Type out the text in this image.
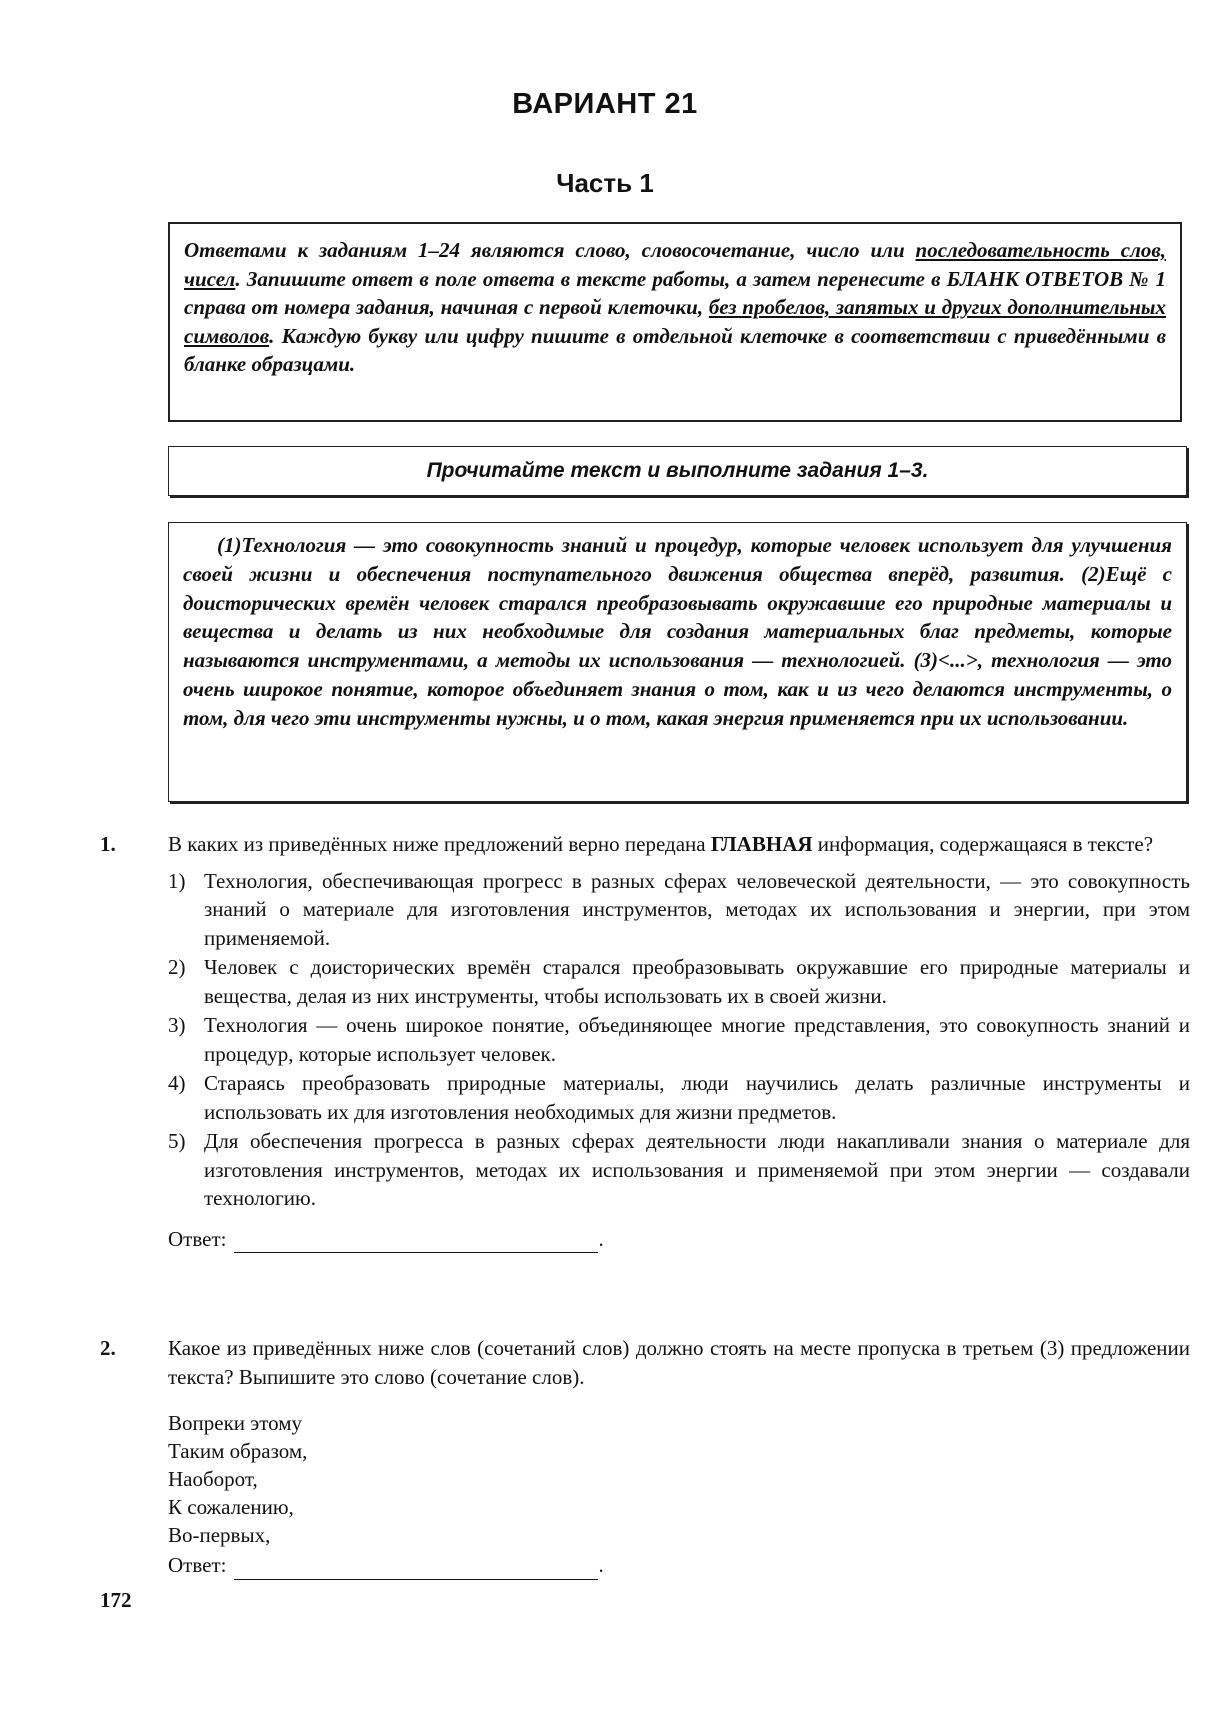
ВАРИАНТ 21
Часть 1

Ответами к заданиям 1–24 являются слово, словосочетание, число или последовательность слов, чисел. Запишите ответ в поле ответа в тексте работы, а затем перенесите в БЛАНК ОТВЕТОВ № 1 справа от номера задания, начиная с первой клеточки, без пробелов, запятых и других дополнительных символов. Каждую букву или цифру пишите в отдельной клеточке в соответствии с приведёнными в бланке образцами.

Прочитайте текст и выполните задания 1–3.

(1)Технология — это совокупность знаний и процедур, которые человек использует для улучшения своей жизни и обеспечения поступательного движения общества вперёд, развития. (2)Ещё с доисторических времён человек старался преобразовывать окружавшие его природные материалы и вещества и делать из них необходимые для создания материальных благ предметы, которые называются инструментами, а методы их использования — технологией. (3)<...>, технология — это очень широкое понятие, которое объединяет знания о том, как и из чего делаются инструменты, о том, для чего эти инструменты нужны, и о том, какая энергия применяется при их использовании.

1. В каких из приведённых ниже предложений верно передана ГЛАВНАЯ информация, содержащаяся в тексте?
1) Технология, обеспечивающая прогресс в разных сферах человеческой деятельности, — это совокупность знаний о материале для изготовления инструментов, методах их использования и энергии, при этом применяемой.
2) Человек с доисторических времён старался преобразовывать окружавшие его природные материалы и вещества, делая из них инструменты, чтобы использовать их в своей жизни.
3) Технология — очень широкое понятие, объединяющее многие представления, это совокупность знаний и процедур, которые использует человек.
4) Стараясь преобразовать природные материалы, люди научились делать различные инструменты и использовать их для изготовления необходимых для жизни предметов.
5) Для обеспечения прогресса в разных сферах деятельности люди накапливали знания о материале для изготовления инструментов, методах их использования и применяемой при этом энергии — создавали технологию.
Ответ:	.
2. Какое из приведённых ниже слов (сочетаний слов) должно стоять на месте пропуска в третьем (3) предложении текста? Выпишите это слово (сочетание слов).
Вопреки этому
Таким образом,
Наоборот,
К сожалению,
Во-первых,
Ответ:	.
172
